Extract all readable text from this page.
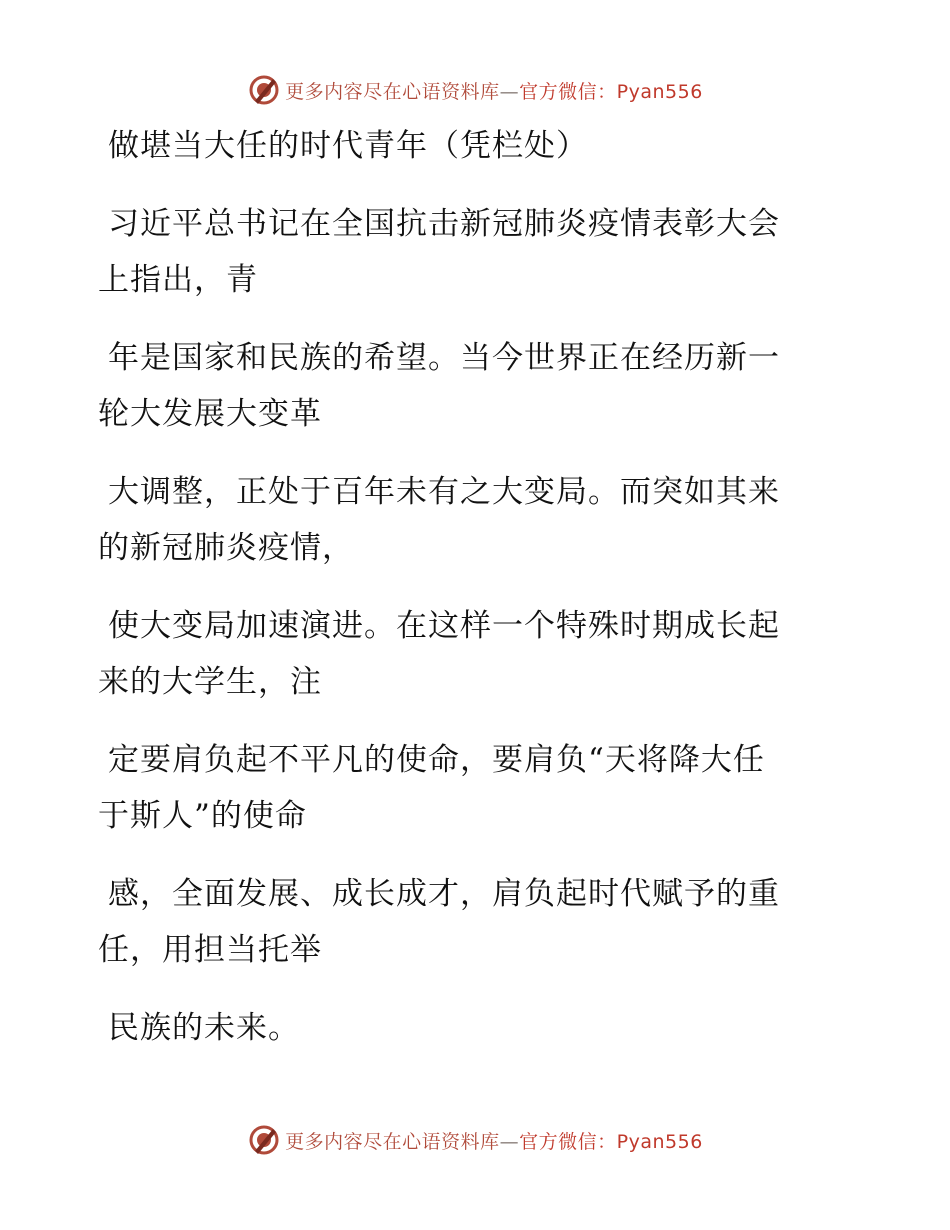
更多内容尽在心语资料库—官方微信：Pyan556
做堪当大任的时代青年（凭栏处）
习近平总书记在全国抗击新冠肺炎疫情表彰大会
上指出，青
年是国家和民族的希望。当今世界正在经历新一
轮大发展大变革
大调整，正处于百年未有之大变局。而突如其来
的新冠肺炎疫情，
使大变局加速演进。在这样一个特殊时期成长起
来的大学生，注
定要肩负起不平凡的使命，要肩负“天将降大任
于斯人”的使命
感，全面发展、成长成才，肩负起时代赋予的重
任，用担当托举
民族的未来。
更多内容尽在心语资料库—官方微信：Pyan556
